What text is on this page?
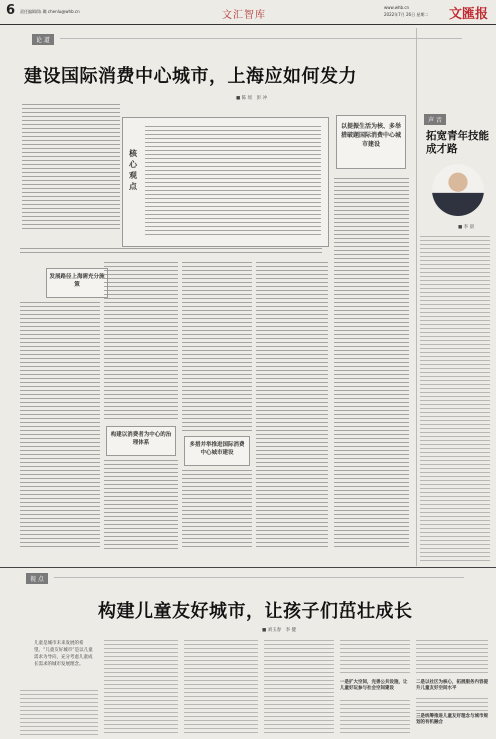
6 责任编辑/陈 璐 chenlu@whb.cn	文汇智库
www.whb.cn
2022年7月 26日 星期二 文匯报
论 道
建设国际消费中心城市，上海应如何发力
■ 陈 瑶　彭 冲
核心观点
以提振生活为核、多举措破题国际消费中心城市建设
发展路径上海需充分施策
构建以消费者为中心的治理体系	多措并举推进国际消费中心城市建设
声 音
拓宽青年技能成才路
■ 李 晨
视 点
构建儿童友好城市，让孩子们茁壮成长
■ 刘玉春　李 健
儿童是城市未来发展的希望。“儿童友好城市”是以儿童需求为导向，充分考虑儿童成长需求的城市发展理念。
一是扩大空间，完善公共设施，让儿童好玩参与社会空间建设
二是以社区为核心，拓展服务内容提升儿童友好空间水平
三是统筹推进儿童友好理念与城市规划的有机融合
